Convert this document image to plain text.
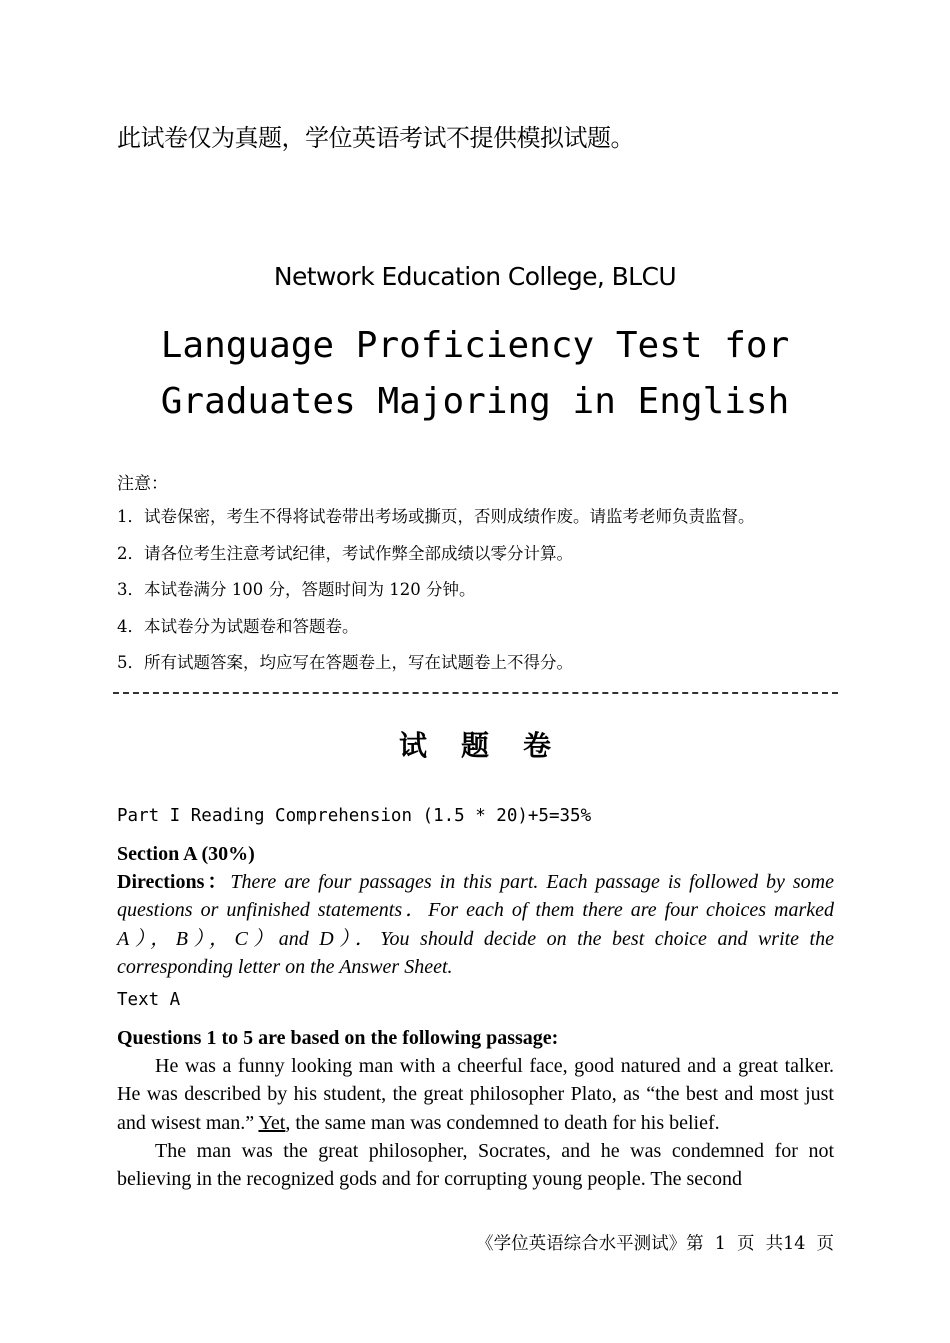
此试卷仅为真题，学位英语考试不提供模拟试题。
Network Education College, BLCU
Language Proficiency Test for
Graduates Majoring in English
注意：
1．试卷保密，考生不得将试卷带出考场或撕页，否则成绩作废。请监考老师负责监督。
2．请各位考生注意考试纪律，考试作弊全部成绩以零分计算。
3．本试卷满分 100 分，答题时间为 120 分钟。
4．本试卷分为试题卷和答题卷。
5．所有试题答案，均应写在答题卷上，写在试题卷上不得分。
试题卷
Part I Reading Comprehension (1.5 * 20)+5=35%
Section A (30%)
Directions：There are four passages in this part. Each passage is followed by some questions or unfinished statements．For each of them there are four choices marked A），B），C）and D）．You should decide on the best choice and write the corresponding letter on the Answer Sheet.
Text A
Questions 1 to 5 are based on the following passage:

He was a funny looking man with a cheerful face, good natured and a great talker. He was described by his student, the great philosopher Plato, as “the best and most just and wisest man.” Yet, the same man was condemned to death for his belief.

The man was the great philosopher, Socrates, and he was condemned for not believing in the recognized gods and for corrupting young people. The second

《学位英语综合水平测试》第  1  页  共14  页
